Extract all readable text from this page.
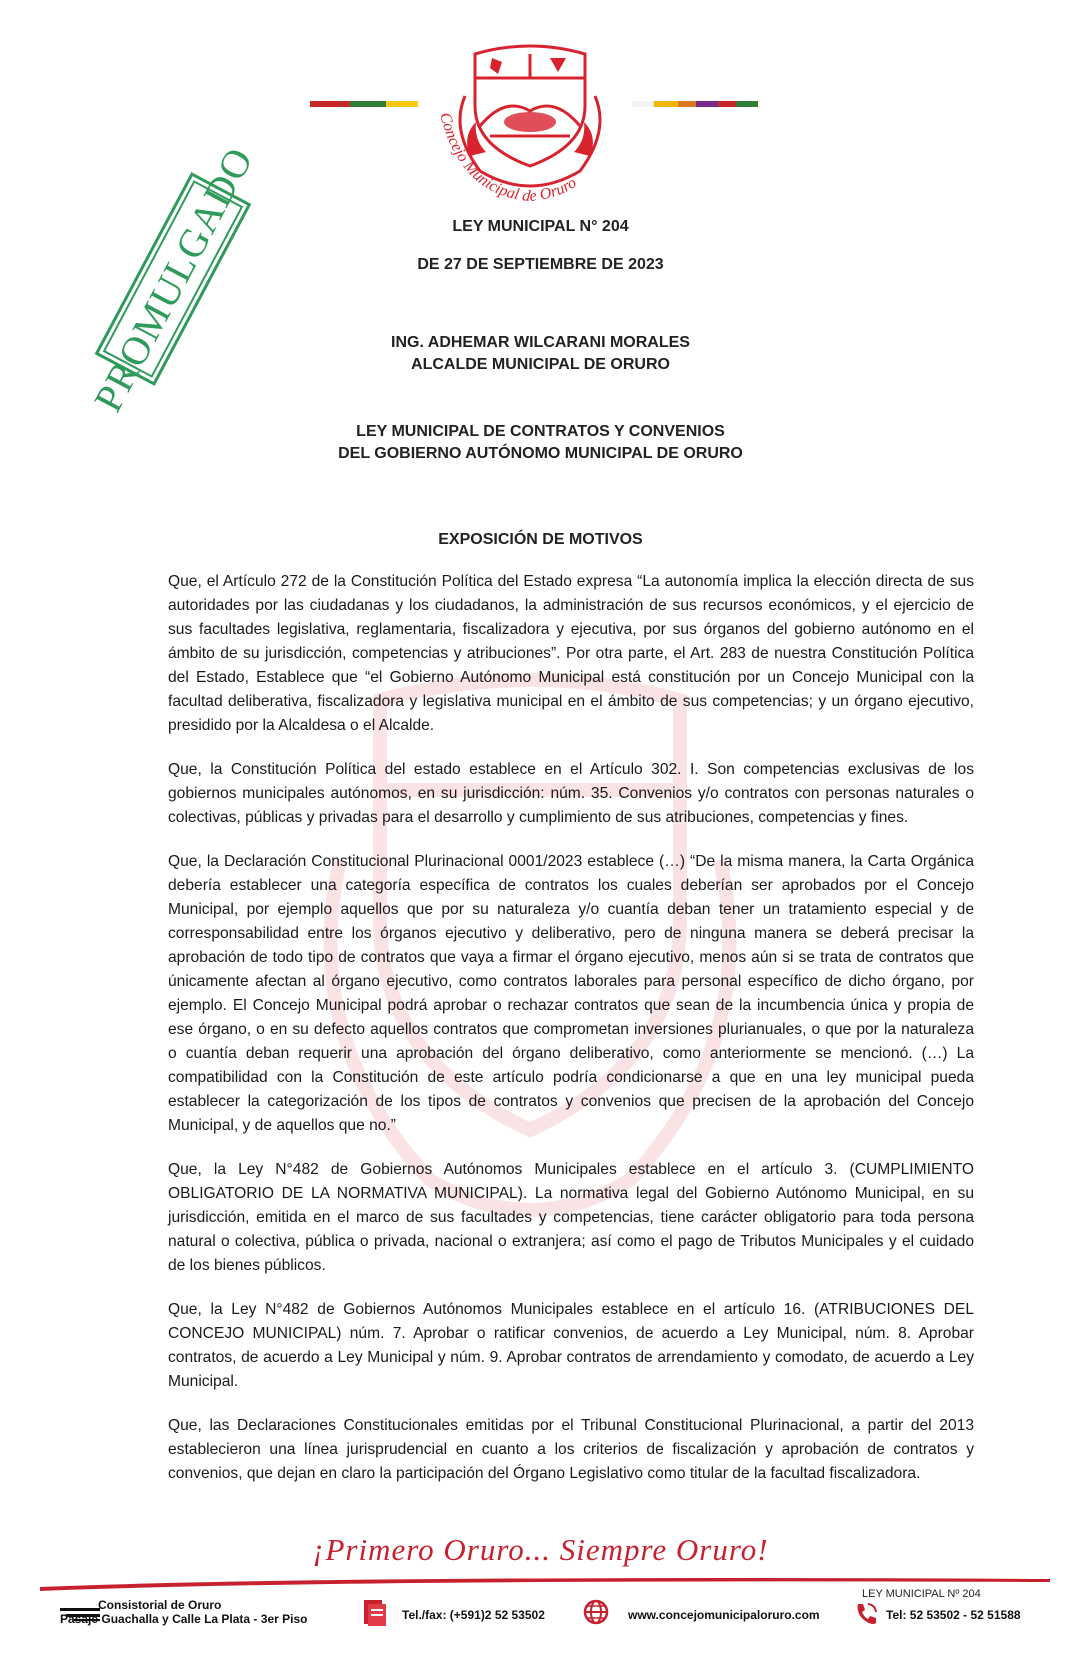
Concejo Municipal de Oruro
PROMULGADO	LEY MUNICIPAL N° 204
DE 27 DE SEPTIEMBRE DE 2023
ING. ADHEMAR WILCARANI MORALES
ALCALDE MUNICIPAL DE ORURO
LEY MUNICIPAL DE CONTRATOS Y CONVENIOS
DEL GOBIERNO AUTÓNOMO MUNICIPAL DE ORURO
EXPOSICIÓN DE MOTIVOS

Que, el Artículo 272 de la Constitución Política del Estado expresa “La autonomía implica la elección directa de sus autoridades por las ciudadanas y los ciudadanos, la administración de sus recursos económicos, y el ejercicio de sus facultades legislativa, reglamentaria, fiscalizadora y ejecutiva, por sus órganos del gobierno autónomo en el ámbito de su jurisdicción, competencias y atribuciones”. Por otra parte, el Art. 283 de nuestra Constitución Política del Estado, Establece que “el Gobierno Autónomo Municipal está constitución por un Concejo Municipal con la facultad deliberativa, fiscalizadora y legislativa municipal en el ámbito de sus competencias; y un órgano ejecutivo, presidido por la Alcaldesa o el Alcalde.

Que, la Constitución Política del estado establece en el Artículo 302. I. Son competencias exclusivas de los gobiernos municipales autónomos, en su jurisdicción: núm. 35. Convenios y/o contratos con personas naturales o colectivas, públicas y privadas para el desarrollo y cumplimiento de sus atribuciones, competencias y fines.

Que, la Declaración Constitucional Plurinacional 0001/2023 establece (…) “De la misma manera, la Carta Orgánica debería establecer una categoría específica de contratos los cuales deberían ser aprobados por el Concejo Municipal, por ejemplo aquellos que por su naturaleza y/o cuantía deban tener un tratamiento especial y de corresponsabilidad entre los órganos ejecutivo y deliberativo, pero de ninguna manera se deberá precisar la aprobación de todo tipo de contratos que vaya a firmar el órgano ejecutivo, menos aún si se trata de contratos que únicamente afectan al órgano ejecutivo, como contratos laborales para personal específico de dicho órgano, por ejemplo. El Concejo Municipal podrá aprobar o rechazar contratos que sean de la incumbencia única y propia de ese órgano, o en su defecto aquellos contratos que comprometan inversiones plurianuales, o que por la naturaleza o cuantía deban requerir una aprobación del órgano deliberativo, como anteriormente se mencionó. (…) La compatibilidad con la Constitución de este artículo podría condicionarse a que en una ley municipal pueda establecer la categorización de los tipos de contratos y convenios que precisen de la aprobación del Concejo Municipal, y de aquellos que no.”

Que, la Ley N°482 de Gobiernos Autónomos Municipales establece en el artículo 3. (CUMPLIMIENTO OBLIGATORIO DE LA NORMATIVA MUNICIPAL). La normativa legal del Gobierno Autónomo Municipal, en su jurisdicción, emitida en el marco de sus facultades y competencias, tiene carácter obligatorio para toda persona natural o colectiva, pública o privada, nacional o extranjera; así como el pago de Tributos Municipales y el cuidado de los bienes públicos.

Que, la Ley N°482 de Gobiernos Autónomos Municipales establece en el artículo 16. (ATRIBUCIONES DEL CONCEJO MUNICIPAL) núm. 7. Aprobar o ratificar convenios, de acuerdo a Ley Municipal, núm. 8. Aprobar contratos, de acuerdo a Ley Municipal y núm. 9. Aprobar contratos de arrendamiento y comodato, de acuerdo a Ley Municipal.

Que, las Declaraciones Constitucionales emitidas por el Tribunal Constitucional Plurinacional, a partir del 2013 establecieron una línea jurisprudencial en cuanto a los criterios de fiscalización y aprobación de contratos y convenios, que dejan en claro la participación del Órgano Legislativo como titular de la facultad fiscalizadora.

¡Primero Oruro... Siempre Oruro!
Consistorial de Oruro
Pasaje Guachalla y Calle La Plata - 3er Piso	Tel./fax: (+591)2 52 53502	www.concejomunicipaloruro.com
LEY MUNICIPAL Nº 204
Tel: 52 53502 - 52 51588
